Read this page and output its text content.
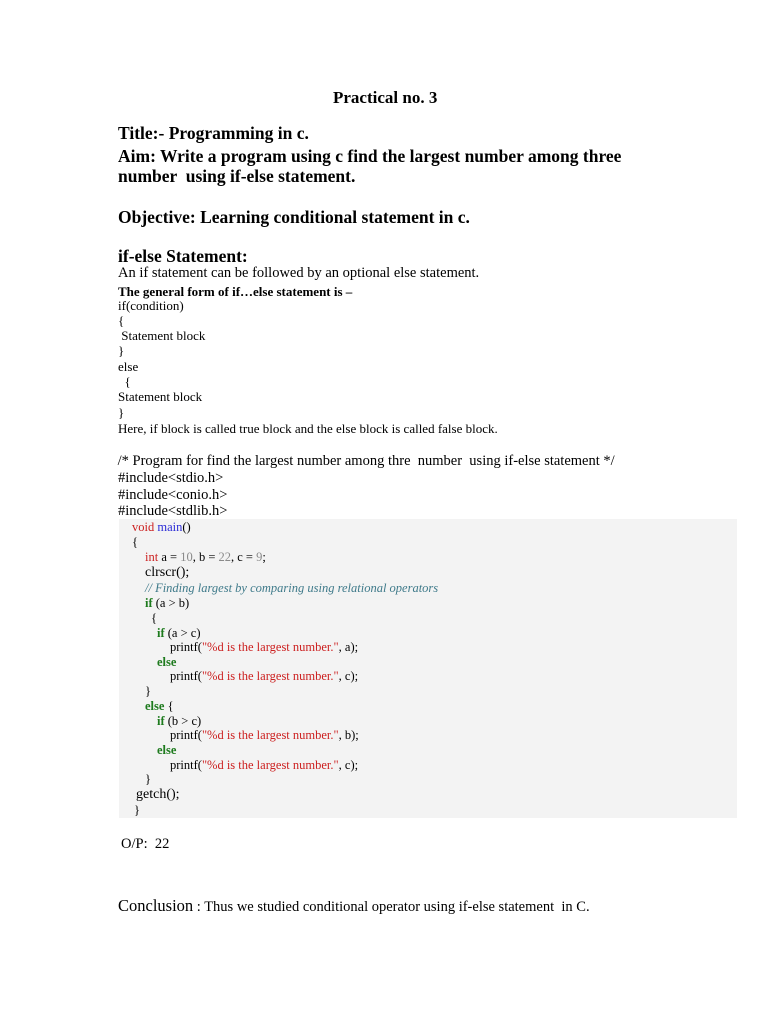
Practical no. 3
Title:- Programming in c.
Aim: Write a program using c find the largest number among three
number  using if-else statement.
Objective: Learning conditional statement in c.
if-else Statement:
An if statement can be followed by an optional else statement.
The general form of if…else statement is –
if(condition)
{
Statement block
}
else
{
Statement block
}
Here, if block is called true block and the else block is called false block.
/* Program for find the largest number among thre  number  using if-else statement */
#include<stdio.h>
#include<conio.h>
#include<stdlib.h>
void main()
{
int a = 10, b = 22, c = 9;
clrscr();
// Finding largest by comparing using relational operators
if (a > b)
{
if (a > c)
printf("%d is the largest number.", a);
else
printf("%d is the largest number.", c);
}
else {
if (b > c)
printf("%d is the largest number.", b);
else
printf("%d is the largest number.", c);
}
getch();
}
O/P:  22
Conclusion : Thus we studied conditional operator using if-else statement  in C.
